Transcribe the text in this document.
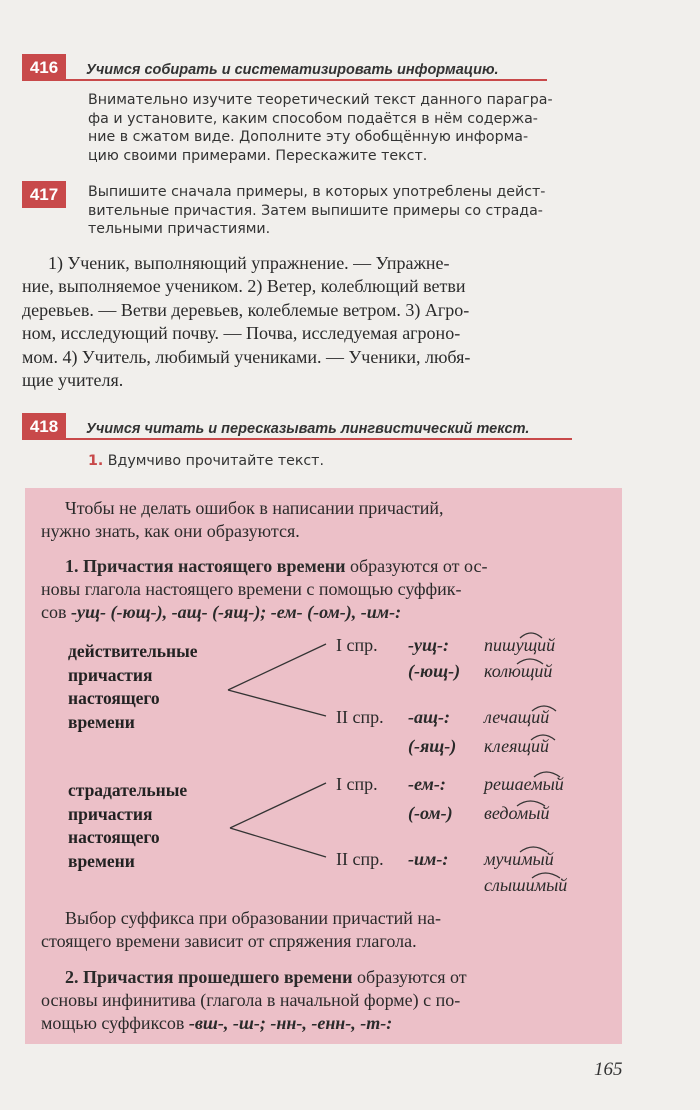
416	Учимся собирать и систематизировать информацию.

Внимательно изучите теоретический текст данного парагра-
фа и установите, каким способом подаётся в нём содержа-
ние в сжатом виде. Дополните эту обобщённую информа-
цию своими примерами. Перескажите текст.

417	Выпишите сначала примеры, в которых употреблены дейст-
вительные причастия. Затем выпишите примеры со страда-
тельными причастиями.

1) Ученик, выполняющий упражнение. — Упражне-
ние, выполняемое учеником. 2) Ветер, колеблющий ветви
деревьев. — Ветви деревьев, колеблемые ветром. 3) Агро-
ном, исследующий почву. — Почва, исследуемая агроно-
мом. 4) Учитель, любимый учениками. — Ученики, любя-
щие учителя.

418	Учимся читать и пересказывать лингвистический текст.
1. Вдумчиво прочитайте текст.

Чтобы не делать ошибок в написании причастий,
нужно знать, как они образуются.

1. Причастия настоящего времени образуются от ос-
новы глагола настоящего времени с помощью суффик-
сов -ущ- (-ющ-), -ащ- (-ящ-); -ем- (-ом-), -им-:

действительные
причастия
настоящего
времени

I спр. -ущ-: пишущий
(-ющ-) колющий
II спр. -ащ-: лечащий
(-ящ-) клеящий

страдательные
причастия
настоящего
времени

I спр. -ем-: решаемый
(-ом-) ведомый
II спр. -им-: мучимый
слышимый

Выбор суффикса при образовании причастий на-
стоящего времени зависит от спряжения глагола.

2. Причастия прошедшего времени образуются от
основы инфинитива (глагола в начальной форме) с по-
мощью суффиксов -вш-, -ш-; -нн-, -енн-, -т-:

165
